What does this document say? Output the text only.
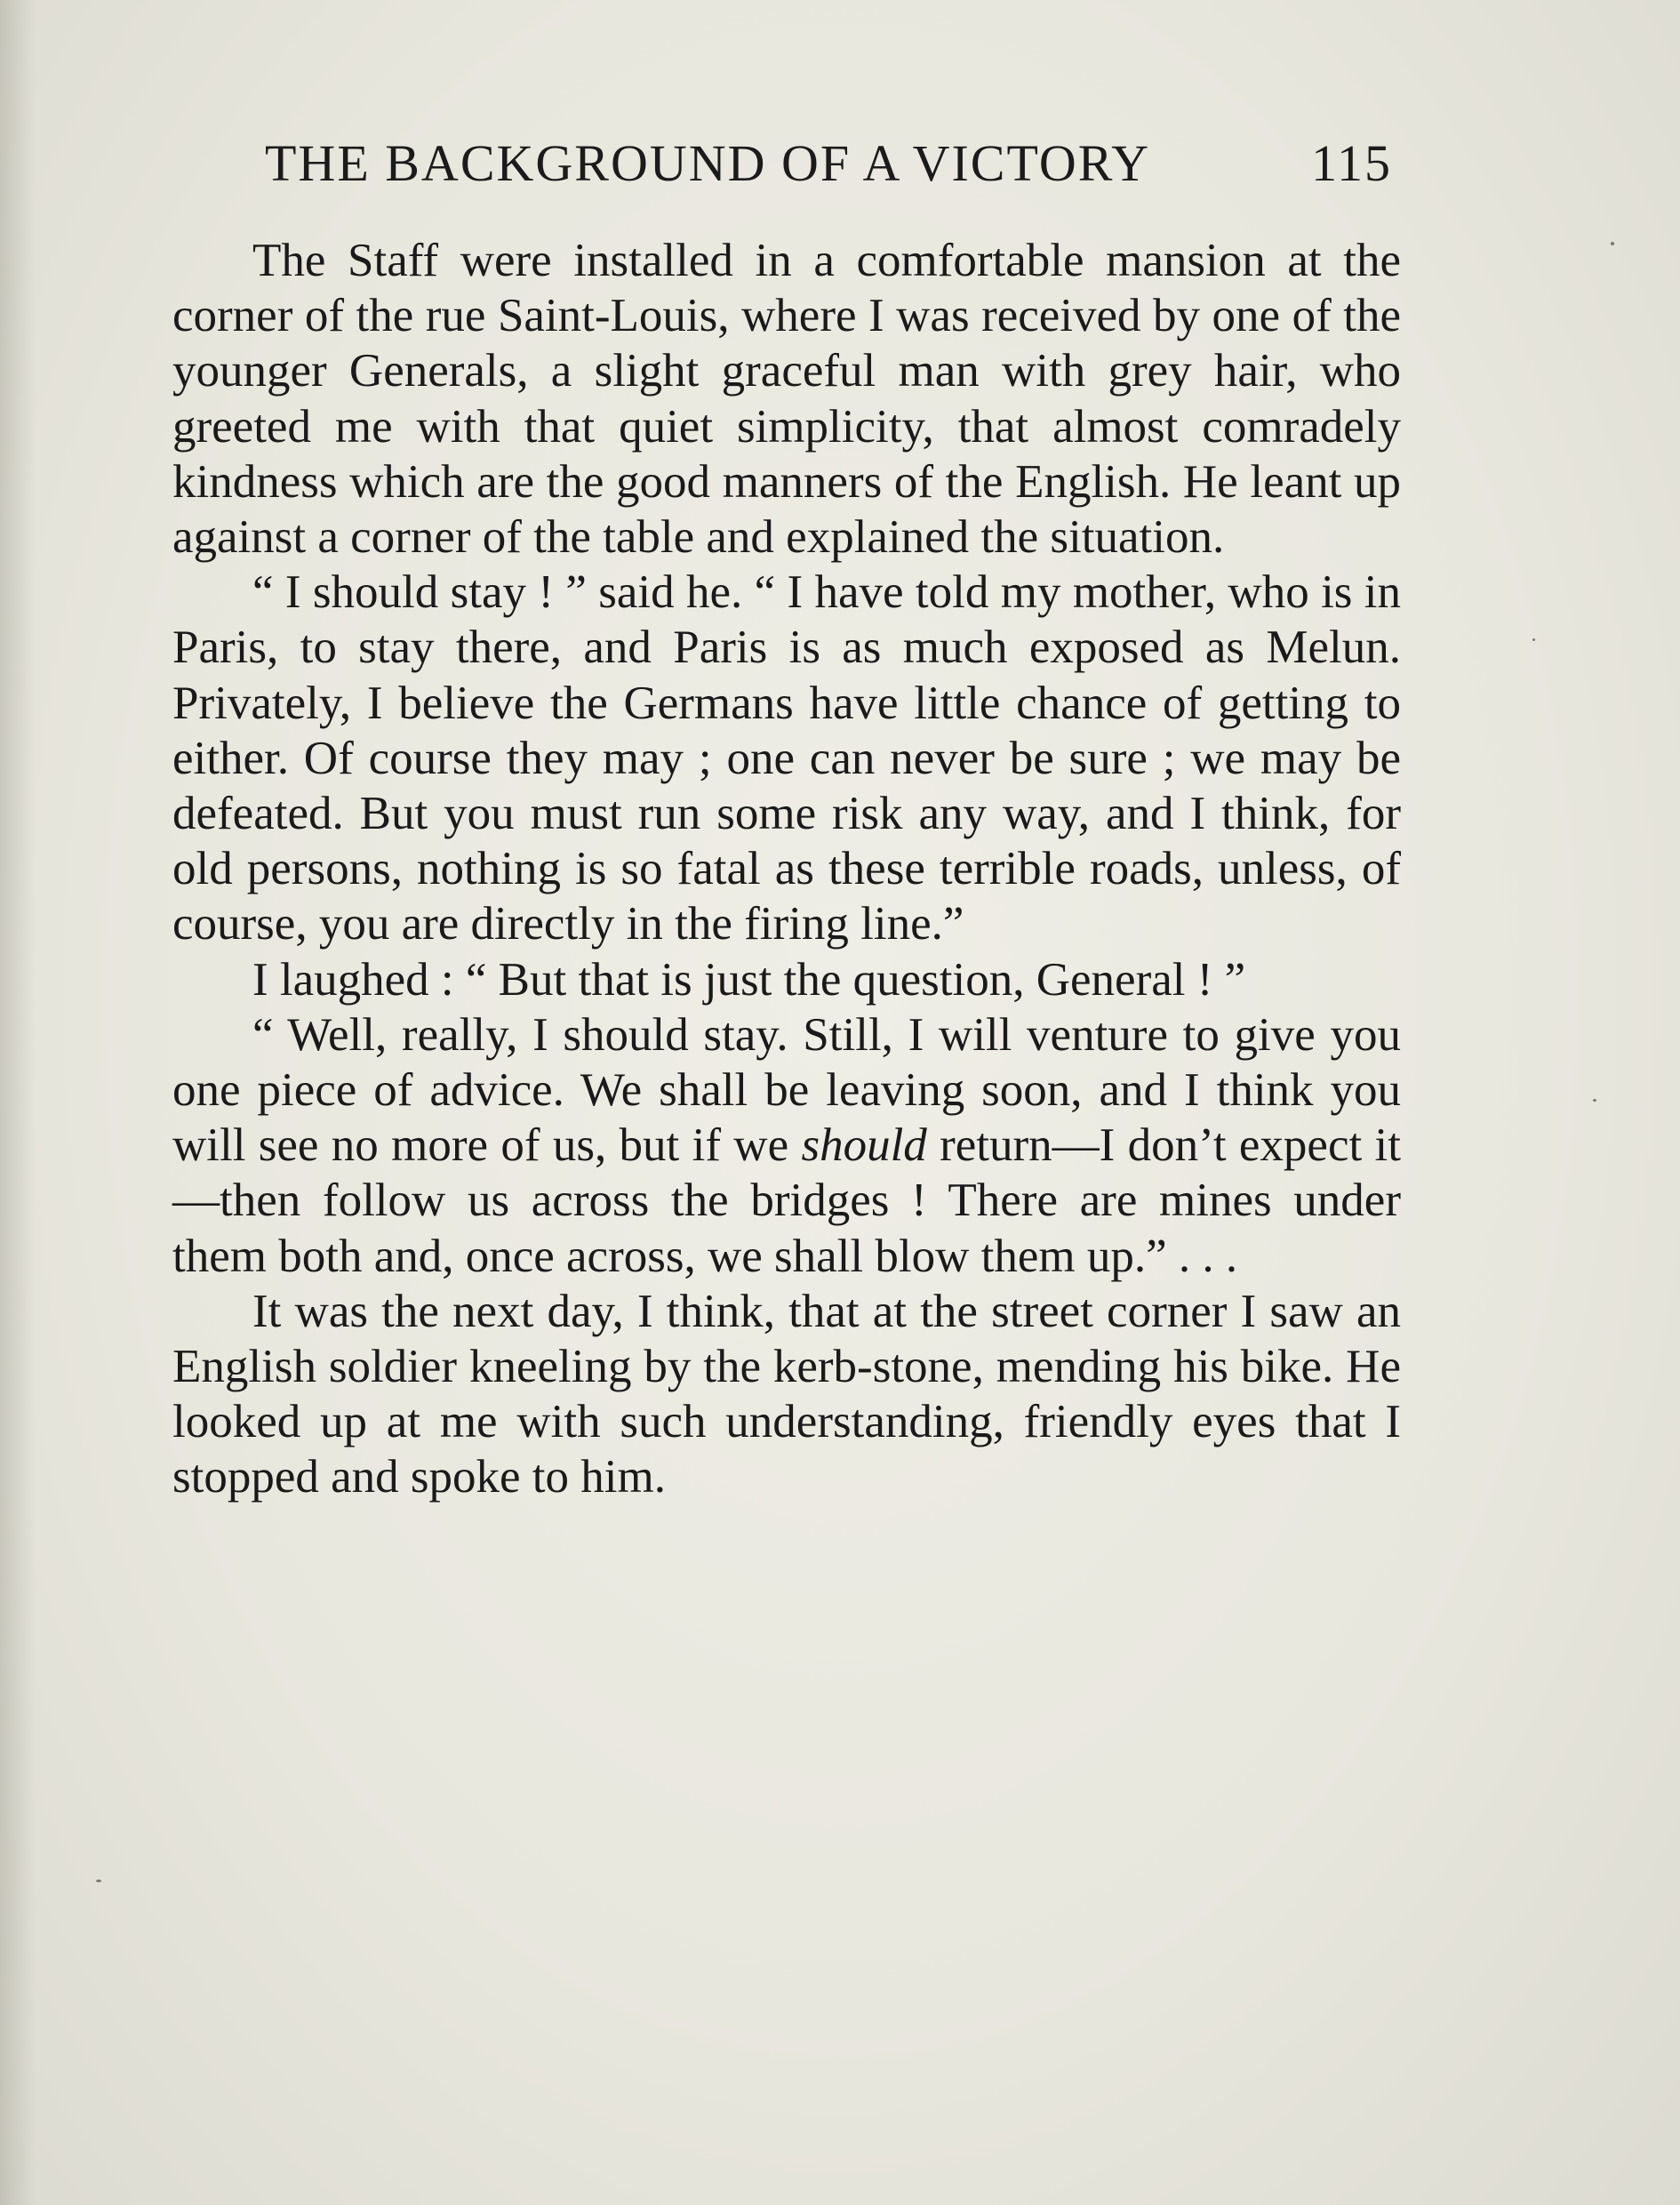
THE BACKGROUND OF A VICTORY	115

The Staff were installed in a comfortable mansion at the corner of the rue Saint-Louis, where I was received by one of the younger Generals, a slight graceful man with grey hair, who greeted me with that quiet simplicity, that almost comradely kindness which are the good manners of the English. He leant up against a corner of the table and explained the situation.

“ I should stay ! ” said he. “ I have told my mother, who is in Paris, to stay there, and Paris is as much exposed as Melun. Privately, I believe the Germans have little chance of getting to either. Of course they may ; one can never be sure ; we may be defeated. But you must run some risk any way, and I think, for old persons, nothing is so fatal as these terrible roads, unless, of course, you are directly in the firing line.”

I laughed : “ But that is just the question, General ! ”

“ Well, really, I should stay. Still, I will venture to give you one piece of advice. We shall be leaving soon, and I think you will see no more of us, but if we should return—I don’t expect it—then follow us across the bridges ! There are mines under them both and, once across, we shall blow them up.” . . .

It was the next day, I think, that at the street corner I saw an English soldier kneeling by the kerb-stone, mending his bike. He looked up at me with such understanding, friendly eyes that I stopped and spoke to him.
